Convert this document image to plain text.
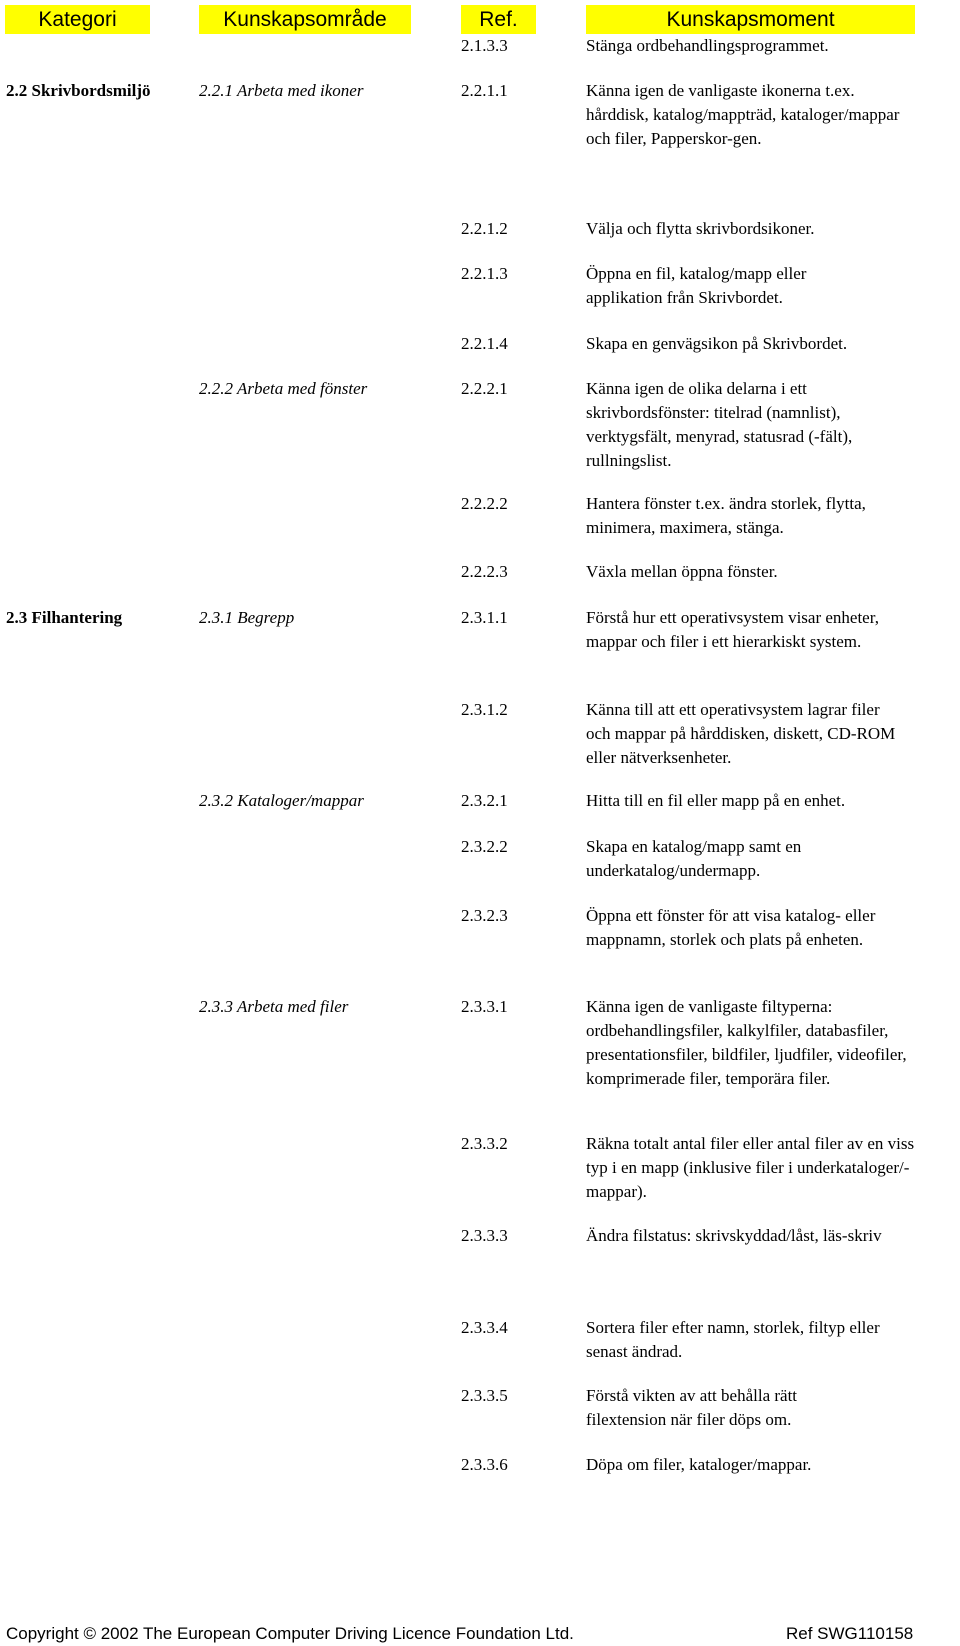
Kategori	Kunskapsområde	Ref.	Kunskapsmoment
2.1.3.3	Stänga ordbehandlingsprogrammet.
2.2 Skrivbordsmiljö	2.2.1 Arbeta med ikoner	2.2.1.1	Känna igen de vanligaste ikonerna t.ex. hårddisk, katalog/mappträd, kataloger/mappar och filer, Papperskor-gen.
2.2.1.2	Välja och flytta skrivbordsikoner.
2.2.1.3	Öppna en fil, katalog/mapp eller applikation från Skrivbordet.
2.2.1.4	Skapa en genvägsikon på Skrivbordet.
2.2.2 Arbeta med fönster	2.2.2.1	Känna igen de olika delarna i ett skrivbordsfönster: titelrad (namnlist), verktygsfält, menyrad, statusrad (-fält), rullningslist.
2.2.2.2	Hantera fönster t.ex. ändra storlek, flytta, minimera, maximera, stänga.
2.2.2.3	Växla mellan öppna fönster.
2.3 Filhantering	2.3.1 Begrepp	2.3.1.1	Förstå hur ett operativsystem visar enheter, mappar och filer i ett hierarkiskt system.
2.3.1.2	Känna till att ett operativsystem lagrar filer och mappar på hårddisken, diskett, CD-ROM eller nätverksenheter.
2.3.2 Kataloger/mappar	2.3.2.1	Hitta till en fil eller mapp på en enhet.
2.3.2.2	Skapa en katalog/mapp samt en underkatalog/undermapp.
2.3.2.3	Öppna ett fönster för att visa katalog- eller mappnamn, storlek och plats på enheten.
2.3.3 Arbeta med filer	2.3.3.1	Känna igen de vanligaste filtyperna: ordbehandlingsfiler, kalkylfiler, databasfiler, presentationsfiler, bildfiler, ljudfiler, videofiler, komprimerade filer, temporära filer.
2.3.3.2	Räkna totalt antal filer eller antal filer av en viss typ i en mapp (inklusive filer i underkataloger/-mappar).
2.3.3.3	Ändra filstatus: skrivskyddad/låst, läs-skriv
2.3.3.4	Sortera filer efter namn, storlek, filtyp eller senast ändrad.
2.3.3.5	Förstå vikten av att behålla rätt filextension när filer döps om.
2.3.3.6	Döpa om filer, kataloger/mappar.
Copyright © 2002 The European Computer Driving Licence Foundation Ltd.	Ref SWG110158
